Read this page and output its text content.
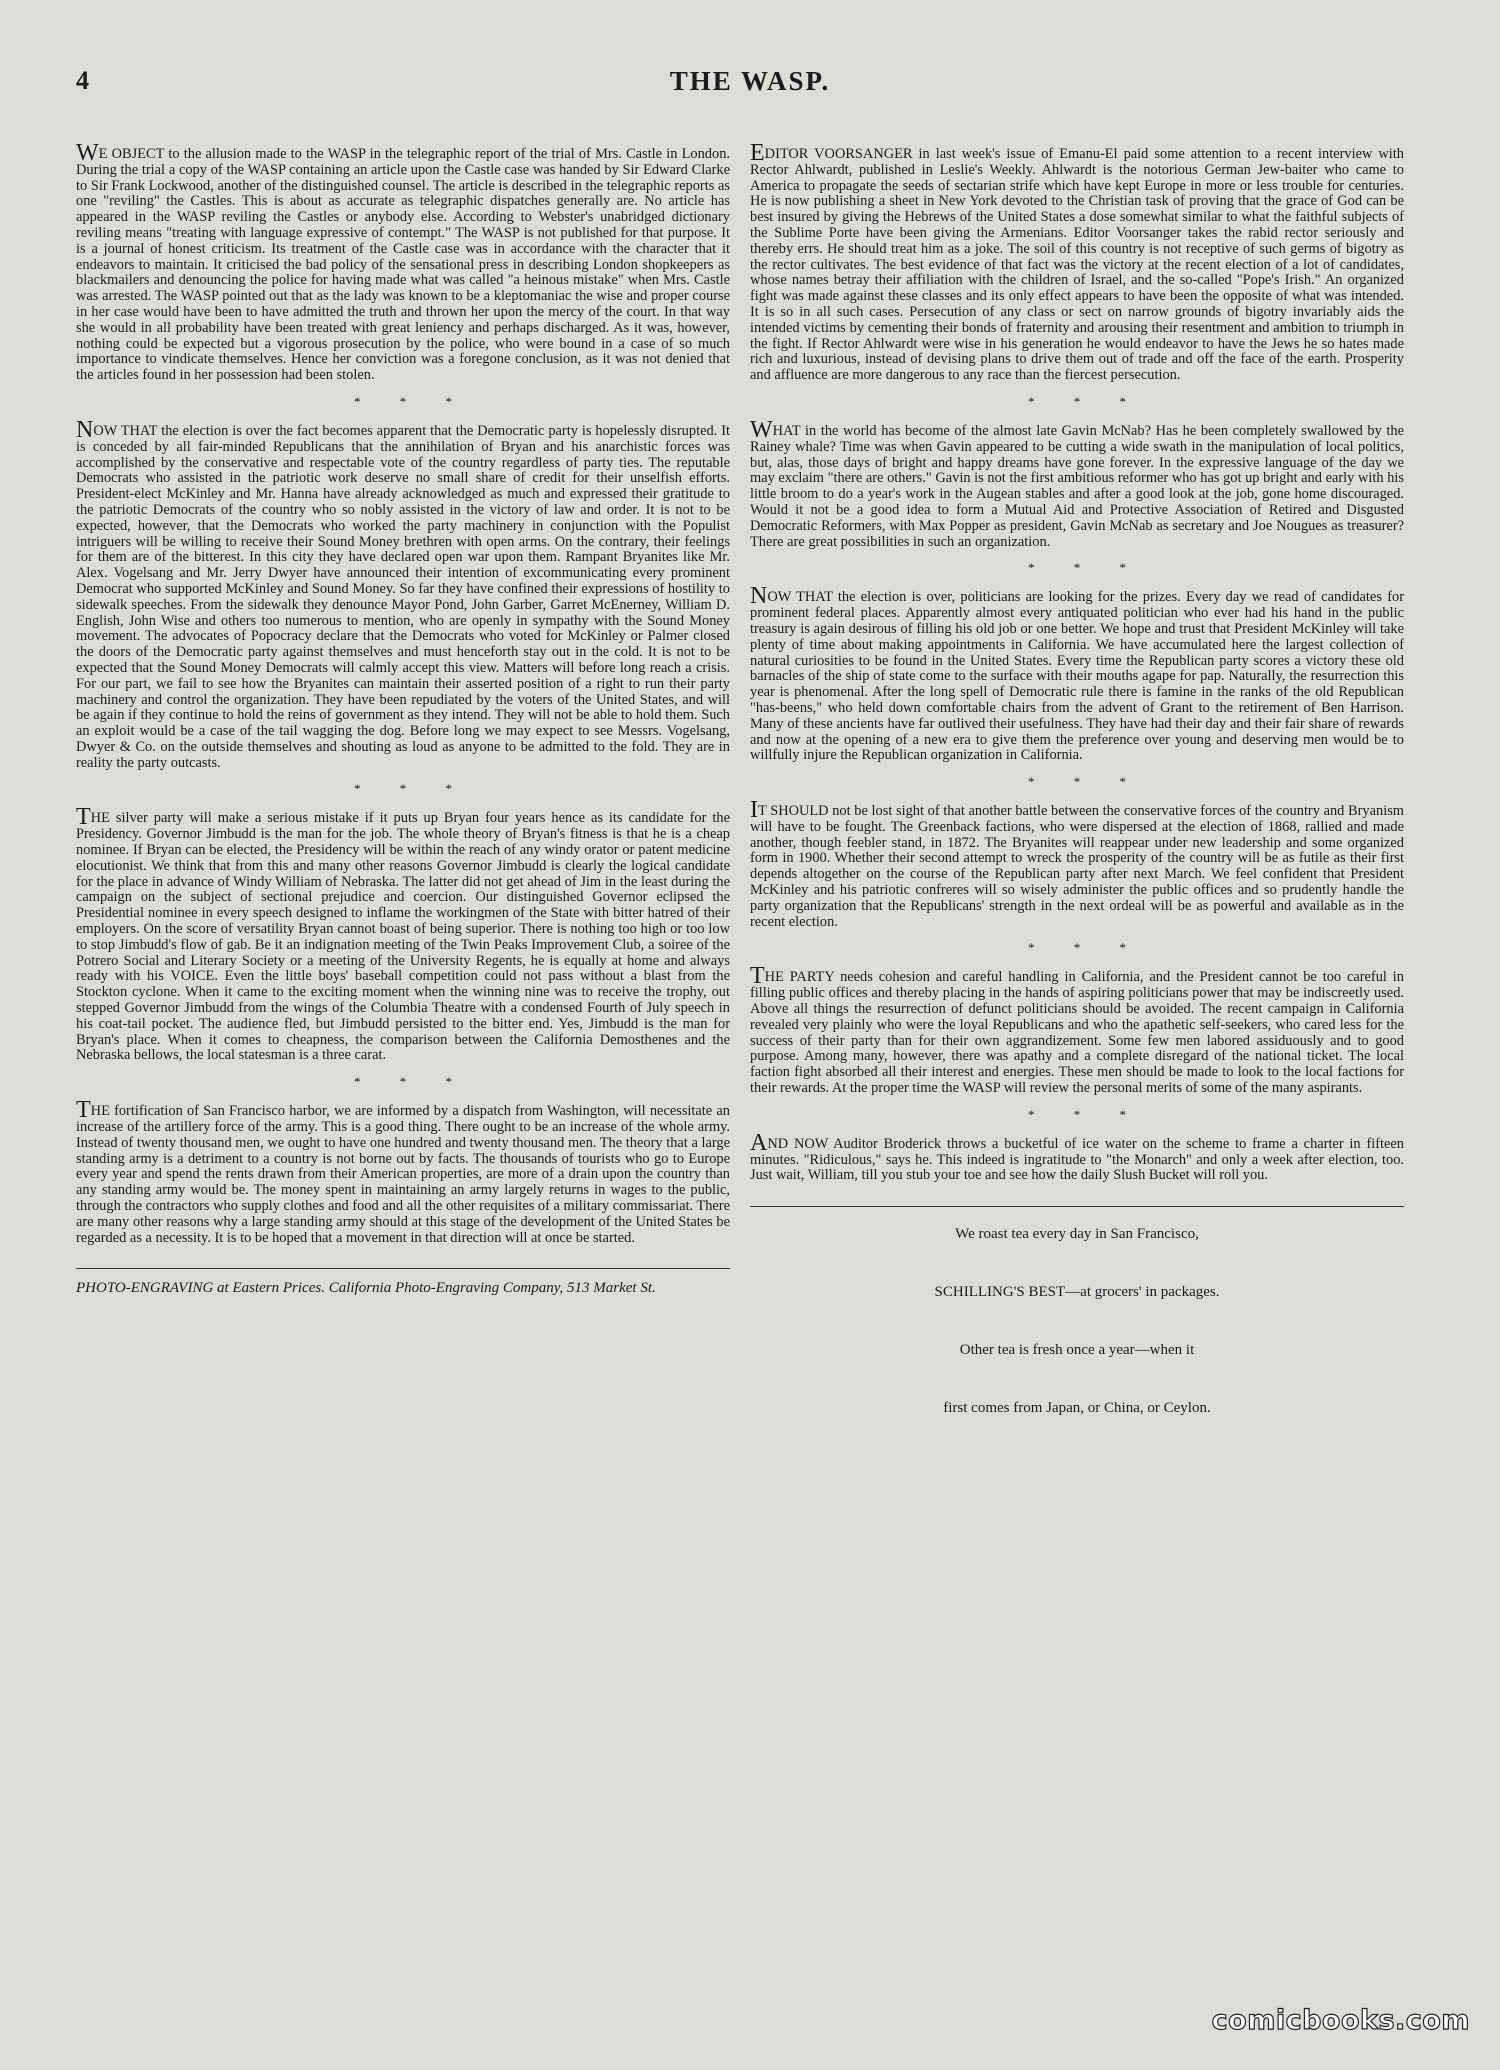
4	THE WASP.

WE OBJECT to the allusion made to the WASP in the telegraphic report of the trial of Mrs. Castle in London. During the trial a copy of the WASP containing an article upon the Castle case was handed by Sir Edward Clarke to Sir Frank Lockwood, another of the distinguished counsel. The article is described in the telegraphic reports as one "reviling" the Castles. This is about as accurate as telegraphic dispatches generally are. No article has appeared in the WASP reviling the Castles or anybody else. According to Webster's unabridged dictionary reviling means "treating with language expressive of contempt." The WASP is not published for that purpose. It is a journal of honest criticism. Its treatment of the Castle case was in accordance with the character that it endeavors to maintain. It criticised the bad policy of the sensational press in describing London shopkeepers as blackmailers and denouncing the police for having made what was called "a heinous mistake" when Mrs. Castle was arrested. The WASP pointed out that as the lady was known to be a kleptomaniac the wise and proper course in her case would have been to have admitted the truth and thrown her upon the mercy of the court. In that way she would in all probability have been treated with great leniency and perhaps discharged. As it was, however, nothing could be expected but a vigorous prosecution by the police, who were bound in a case of so much importance to vindicate themselves. Hence her conviction was a foregone conclusion, as it was not denied that the articles found in her possession had been stolen.

* * *

NOW THAT the election is over the fact becomes apparent that the Democratic party is hopelessly disrupted. It is conceded by all fair-minded Republicans that the annihilation of Bryan and his anarchistic forces was accomplished by the conservative and respectable vote of the country regardless of party ties. The reputable Democrats who assisted in the patriotic work deserve no small share of credit for their unselfish efforts. President-elect McKinley and Mr. Hanna have already acknowledged as much and expressed their gratitude to the patriotic Democrats of the country who so nobly assisted in the victory of law and order. It is not to be expected, however, that the Democrats who worked the party machinery in conjunction with the Populist intriguers will be willing to receive their Sound Money brethren with open arms. On the contrary, their feelings for them are of the bitterest. In this city they have declared open war upon them. Rampant Bryanites like Mr. Alex. Vogelsang and Mr. Jerry Dwyer have announced their intention of excommunicating every prominent Democrat who supported McKinley and Sound Money. So far they have confined their expressions of hostility to sidewalk speeches. From the sidewalk they denounce Mayor Pond, John Garber, Garret McEnerney, William D. English, John Wise and others too numerous to mention, who are openly in sympathy with the Sound Money movement. The advocates of Popocracy declare that the Democrats who voted for McKinley or Palmer closed the doors of the Democratic party against themselves and must henceforth stay out in the cold. It is not to be expected that the Sound Money Democrats will calmly accept this view. Matters will before long reach a crisis. For our part, we fail to see how the Bryanites can maintain their asserted position of a right to run their party machinery and control the organization. They have been repudiated by the voters of the United States, and will be again if they continue to hold the reins of government as they intend. They will not be able to hold them. Such an exploit would be a case of the tail wagging the dog. Before long we may expect to see Messrs. Vogelsang, Dwyer & Co. on the outside themselves and shouting as loud as anyone to be admitted to the fold. They are in reality the party outcasts.

* * *

THE silver party will make a serious mistake if it puts up Bryan four years hence as its candidate for the Presidency. Governor Jimbudd is the man for the job. The whole theory of Bryan's fitness is that he is a cheap nominee. If Bryan can be elected, the Presidency will be within the reach of any windy orator or patent medicine elocutionist. We think that from this and many other reasons Governor Jimbudd is clearly the logical candidate for the place in advance of Windy William of Nebraska. The latter did not get ahead of Jim in the least during the campaign on the subject of sectional prejudice and coercion. Our distinguished Governor eclipsed the Presidential nominee in every speech designed to inflame the workingmen of the State with bitter hatred of their employers. On the score of versatility Bryan cannot boast of being superior. There is nothing too high or too low to stop Jimbudd's flow of gab. Be it an indignation meeting of the Twin Peaks Improvement Club, a soiree of the Potrero Social and Literary Society or a meeting of the University Regents, he is equally at home and always ready with his VOICE. Even the little boys' baseball competition could not pass without a blast from the Stockton cyclone. When it came to the exciting moment when the winning nine was to receive the trophy, out stepped Governor Jimbudd from the wings of the Columbia Theatre with a condensed Fourth of July speech in his coat-tail pocket. The audience fled, but Jimbudd persisted to the bitter end. Yes, Jimbudd is the man for Bryan's place. When it comes to cheapness, the comparison between the California Demosthenes and the Nebraska bellows, the local statesman is a three carat.

* * *

THE fortification of San Francisco harbor, we are informed by a dispatch from Washington, will necessitate an increase of the artillery force of the army. This is a good thing. There ought to be an increase of the whole army. Instead of twenty thousand men, we ought to have one hundred and twenty thousand men. The theory that a large standing army is a detriment to a country is not borne out by facts. The thousands of tourists who go to Europe every year and spend the rents drawn from their American properties, are more of a drain upon the country than any standing army would be. The money spent in maintaining an army largely returns in wages to the public, through the contractors who supply clothes and food and all the other requisites of a military commissariat. There are many other reasons why a large standing army should at this stage of the development of the United States be regarded as a necessity. It is to be hoped that a movement in that direction will at once be started.

PHOTO-ENGRAVING at Eastern Prices. California Photo-Engraving Company, 513 Market St.

EDITOR VOORSANGER in last week's issue of Emanu-El paid some attention to a recent interview with Rector Ahlwardt, published in Leslie's Weekly. Ahlwardt is the notorious German Jew-baiter who came to America to propagate the seeds of sectarian strife which have kept Europe in more or less trouble for centuries. He is now publishing a sheet in New York devoted to the Christian task of proving that the grace of God can be best insured by giving the Hebrews of the United States a dose somewhat similar to what the faithful subjects of the Sublime Porte have been giving the Armenians. Editor Voorsanger takes the rabid rector seriously and thereby errs. He should treat him as a joke. The soil of this country is not receptive of such germs of bigotry as the rector cultivates. The best evidence of that fact was the victory at the recent election of a lot of candidates, whose names betray their affiliation with the children of Israel, and the so-called "Pope's Irish." An organized fight was made against these classes and its only effect appears to have been the opposite of what was intended. It is so in all such cases. Persecution of any class or sect on narrow grounds of bigotry invariably aids the intended victims by cementing their bonds of fraternity and arousing their resentment and ambition to triumph in the fight. If Rector Ahlwardt were wise in his generation he would endeavor to have the Jews he so hates made rich and luxurious, instead of devising plans to drive them out of trade and off the face of the earth. Prosperity and affluence are more dangerous to any race than the fiercest persecution.

* * *

WHAT in the world has become of the almost late Gavin McNab? Has he been completely swallowed by the Rainey whale? Time was when Gavin appeared to be cutting a wide swath in the manipulation of local politics, but, alas, those days of bright and happy dreams have gone forever. In the expressive language of the day we may exclaim "there are others." Gavin is not the first ambitious reformer who has got up bright and early with his little broom to do a year's work in the Augean stables and after a good look at the job, gone home discouraged. Would it not be a good idea to form a Mutual Aid and Protective Association of Retired and Disgusted Democratic Reformers, with Max Popper as president, Gavin McNab as secretary and Joe Nougues as treasurer? There are great possibilities in such an organization.

* * *

NOW THAT the election is over, politicians are looking for the prizes. Every day we read of candidates for prominent federal places. Apparently almost every antiquated politician who ever had his hand in the public treasury is again desirous of filling his old job or one better. We hope and trust that President McKinley will take plenty of time about making appointments in California. We have accumulated here the largest collection of natural curiosities to be found in the United States. Every time the Republican party scores a victory these old barnacles of the ship of state come to the surface with their mouths agape for pap. Naturally, the resurrection this year is phenomenal. After the long spell of Democratic rule there is famine in the ranks of the old Republican "has-beens," who held down comfortable chairs from the advent of Grant to the retirement of Ben Harrison. Many of these ancients have far outlived their usefulness. They have had their day and their fair share of rewards and now at the opening of a new era to give them the preference over young and deserving men would be to willfully injure the Republican organization in California.

* * *

IT SHOULD not be lost sight of that another battle between the conservative forces of the country and Bryanism will have to be fought. The Greenback factions, who were dispersed at the election of 1868, rallied and made another, though feebler stand, in 1872. The Bryanites will reappear under new leadership and some organized form in 1900. Whether their second attempt to wreck the prosperity of the country will be as futile as their first depends altogether on the course of the Republican party after next March. We feel confident that President McKinley and his patriotic confreres will so wisely administer the public offices and so prudently handle the party organization that the Republicans' strength in the next ordeal will be as powerful and available as in the recent election.

* * *

THE PARTY needs cohesion and careful handling in California, and the President cannot be too careful in filling public offices and thereby placing in the hands of aspiring politicians power that may be indiscreetly used. Above all things the resurrection of defunct politicians should be avoided. The recent campaign in California revealed very plainly who were the loyal Republicans and who the apathetic self-seekers, who cared less for the success of their party than for their own aggrandizement. Some few men labored assiduously and to good purpose. Among many, however, there was apathy and a complete disregard of the national ticket. The local faction fight absorbed all their interest and energies. These men should be made to look to the local factions for their rewards. At the proper time the WASP will review the personal merits of some of the many aspirants.

* * *

AND NOW Auditor Broderick throws a bucketful of ice water on the scheme to frame a charter in fifteen minutes. "Ridiculous," says he. This indeed is ingratitude to "the Monarch" and only a week after election, too. Just wait, William, till you stub your toe and see how the daily Slush Bucket will roll you.

We roast tea every day in San Francisco,

SCHILLING'S BEST—at grocers' in packages.

Other tea is fresh once a year—when it

first comes from Japan, or China, or Ceylon.

comicbooks.com
